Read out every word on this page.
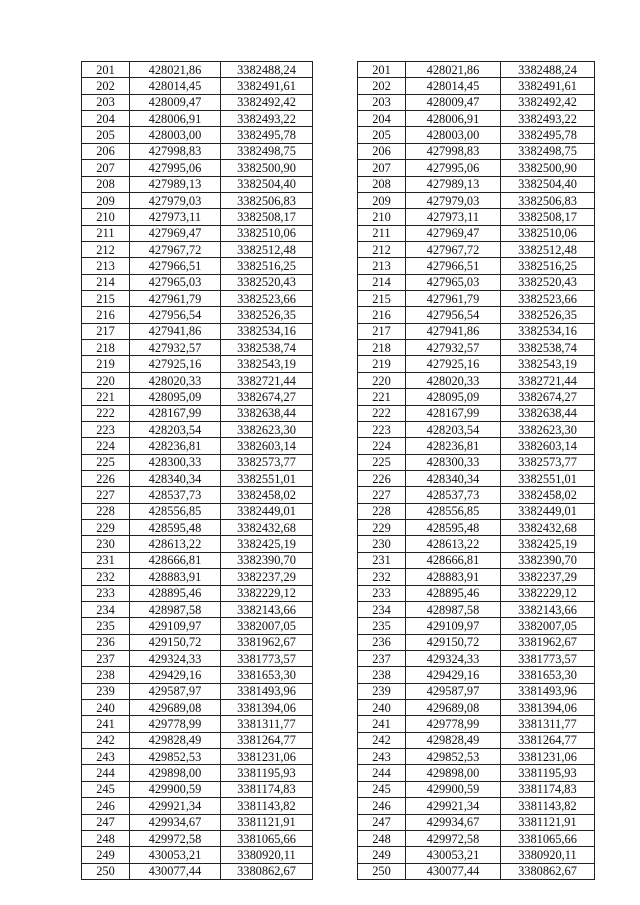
201	428021,86	3382488,24		201	428021,86	3382488,24
202	428014,45	3382491,61		202	428014,45	3382491,61
203	428009,47	3382492,42		203	428009,47	3382492,42
204	428006,91	3382493,22		204	428006,91	3382493,22
205	428003,00	3382495,78		205	428003,00	3382495,78
206	427998,83	3382498,75		206	427998,83	3382498,75
207	427995,06	3382500,90		207	427995,06	3382500,90
208	427989,13	3382504,40		208	427989,13	3382504,40
209	427979,03	3382506,83		209	427979,03	3382506,83
210	427973,11	3382508,17		210	427973,11	3382508,17
211	427969,47	3382510,06		211	427969,47	3382510,06
212	427967,72	3382512,48		212	427967,72	3382512,48
213	427966,51	3382516,25		213	427966,51	3382516,25
214	427965,03	3382520,43		214	427965,03	3382520,43
215	427961,79	3382523,66		215	427961,79	3382523,66
216	427956,54	3382526,35		216	427956,54	3382526,35
217	427941,86	3382534,16		217	427941,86	3382534,16
218	427932,57	3382538,74		218	427932,57	3382538,74
219	427925,16	3382543,19		219	427925,16	3382543,19
220	428020,33	3382721,44		220	428020,33	3382721,44
221	428095,09	3382674,27		221	428095,09	3382674,27
222	428167,99	3382638,44		222	428167,99	3382638,44
223	428203,54	3382623,30		223	428203,54	3382623,30
224	428236,81	3382603,14		224	428236,81	3382603,14
225	428300,33	3382573,77		225	428300,33	3382573,77
226	428340,34	3382551,01		226	428340,34	3382551,01
227	428537,73	3382458,02		227	428537,73	3382458,02
228	428556,85	3382449,01		228	428556,85	3382449,01
229	428595,48	3382432,68		229	428595,48	3382432,68
230	428613,22	3382425,19		230	428613,22	3382425,19
231	428666,81	3382390,70		231	428666,81	3382390,70
232	428883,91	3382237,29		232	428883,91	3382237,29
233	428895,46	3382229,12		233	428895,46	3382229,12
234	428987,58	3382143,66		234	428987,58	3382143,66
235	429109,97	3382007,05		235	429109,97	3382007,05
236	429150,72	3381962,67		236	429150,72	3381962,67
237	429324,33	3381773,57		237	429324,33	3381773,57
238	429429,16	3381653,30		238	429429,16	3381653,30
239	429587,97	3381493,96		239	429587,97	3381493,96
240	429689,08	3381394,06		240	429689,08	3381394,06
241	429778,99	3381311,77		241	429778,99	3381311,77
242	429828,49	3381264,77		242	429828,49	3381264,77
243	429852,53	3381231,06		243	429852,53	3381231,06
244	429898,00	3381195,93		244	429898,00	3381195,93
245	429900,59	3381174,83		245	429900,59	3381174,83
246	429921,34	3381143,82		246	429921,34	3381143,82
247	429934,67	3381121,91		247	429934,67	3381121,91
248	429972,58	3381065,66		248	429972,58	3381065,66
249	430053,21	3380920,11		249	430053,21	3380920,11
250	430077,44	3380862,67		250	430077,44	3380862,67
